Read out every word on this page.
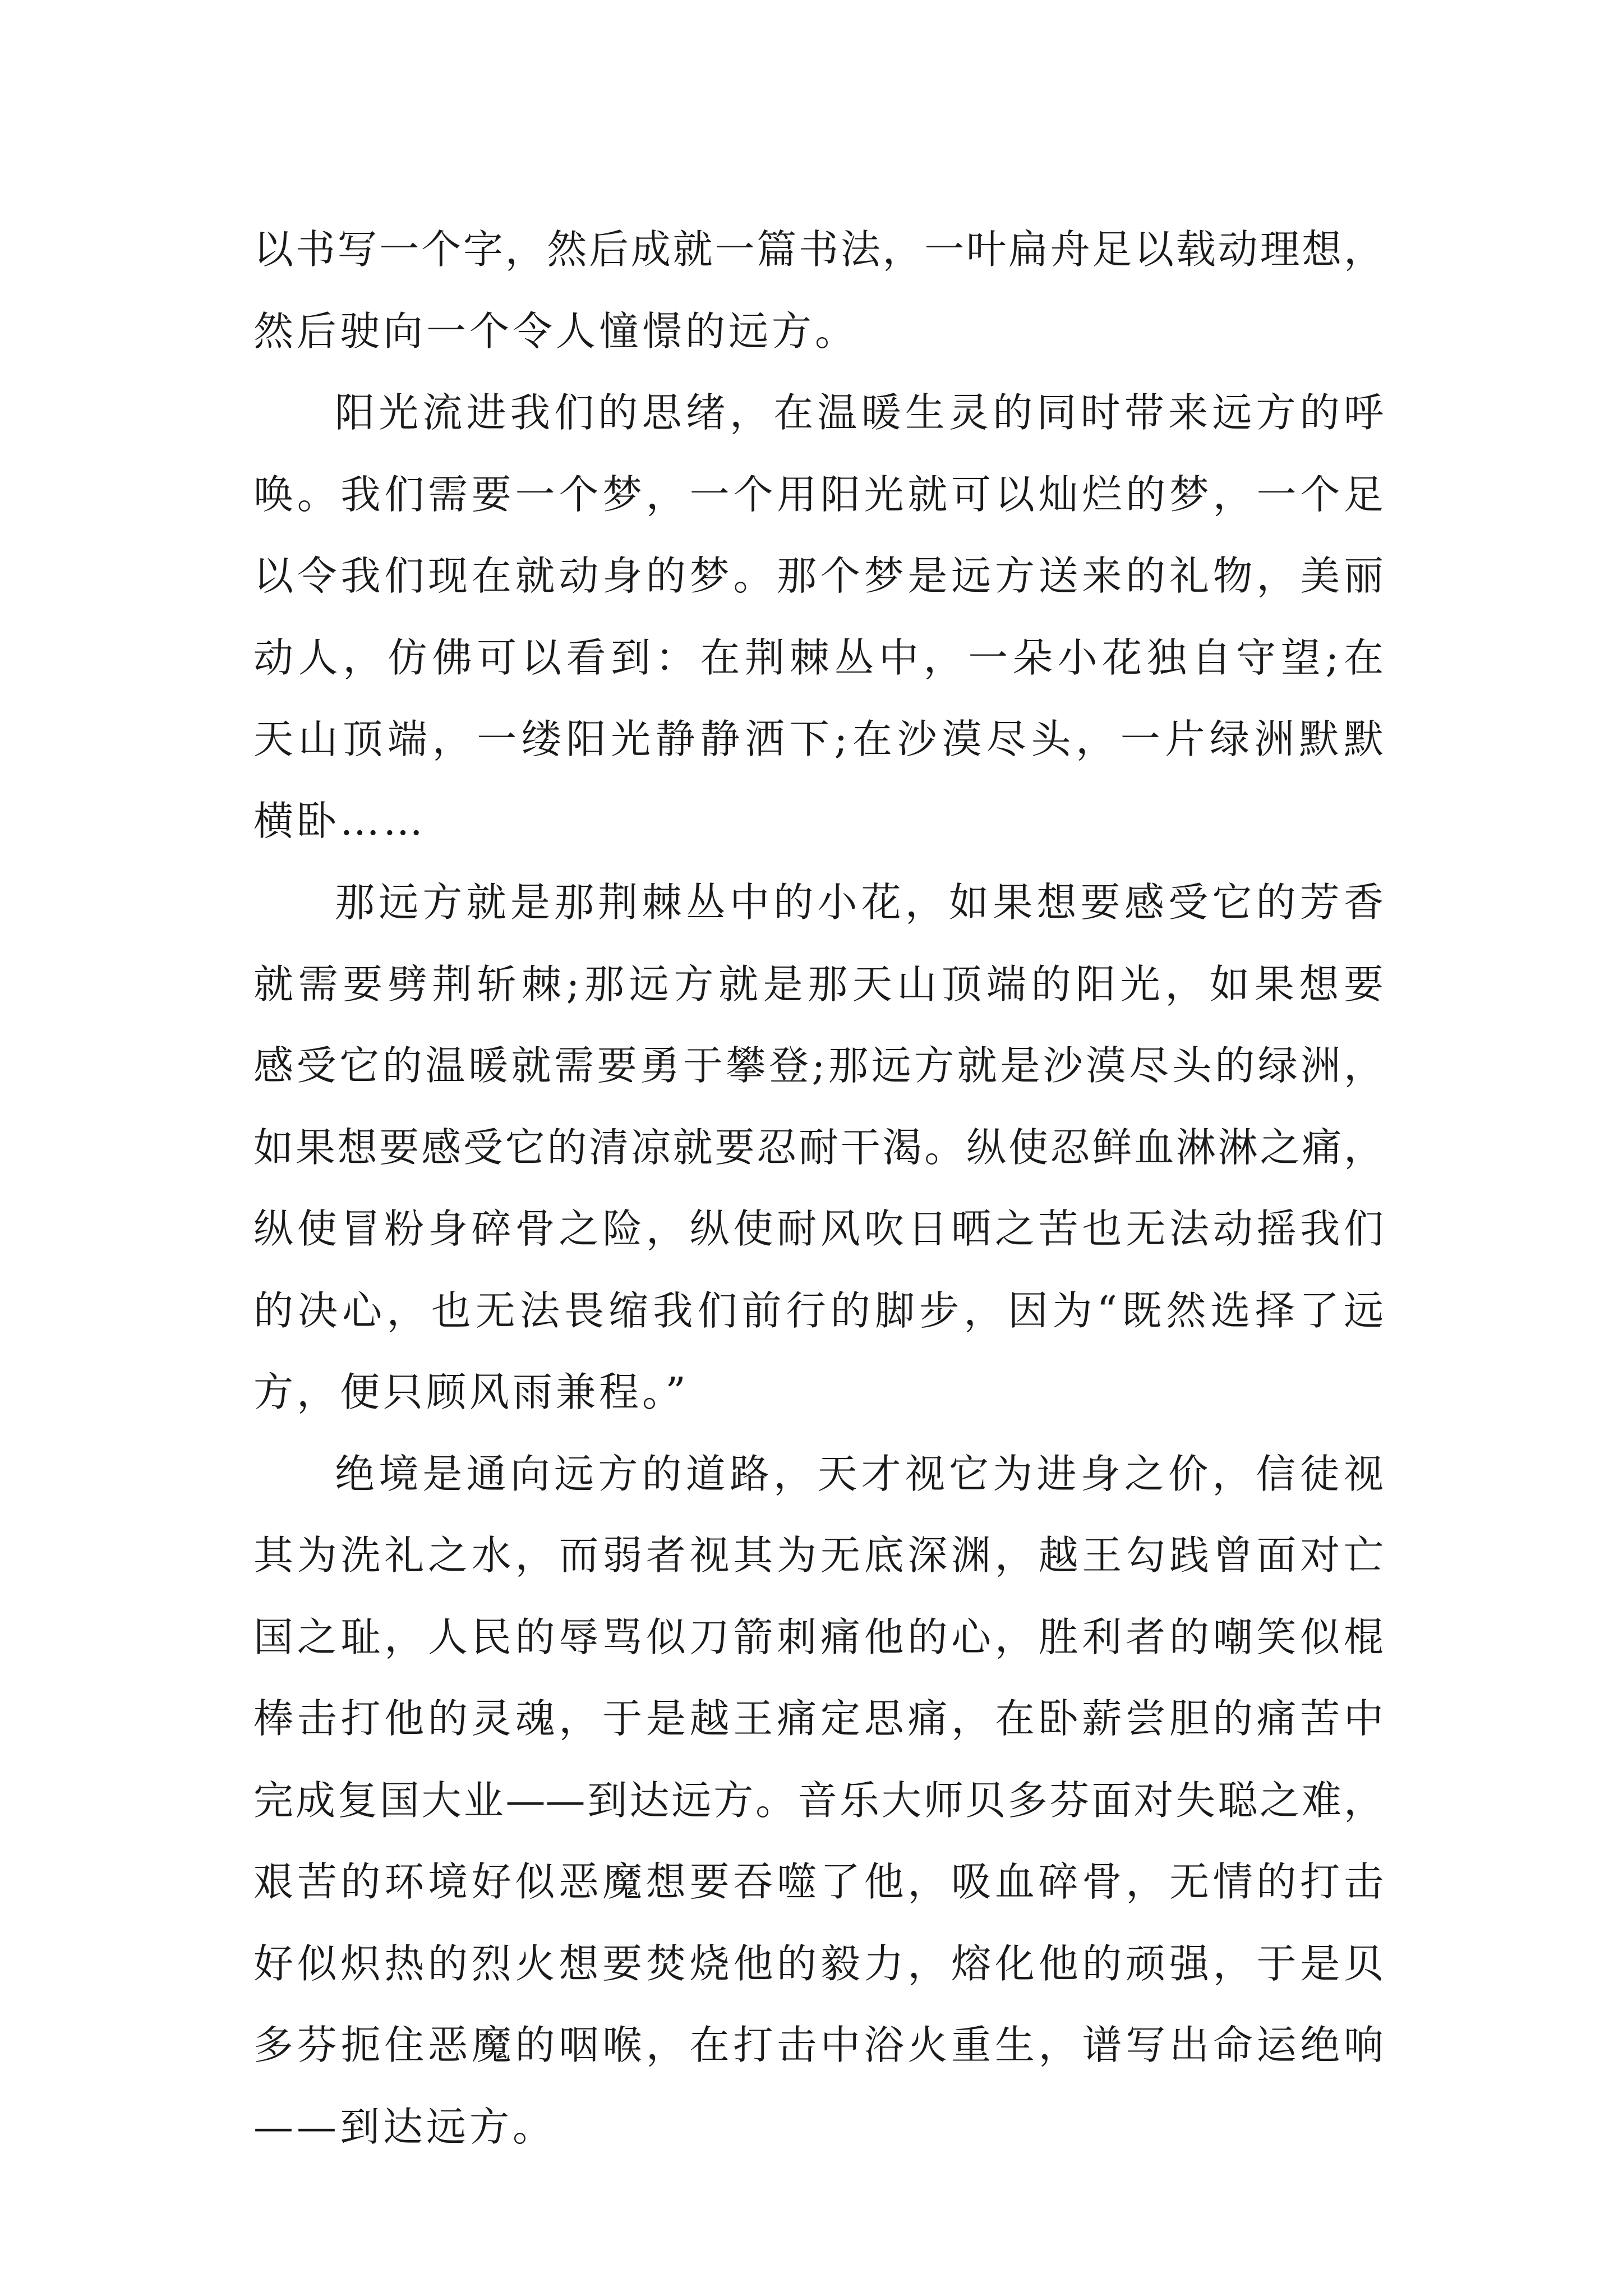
以书写一个字，然后成就一篇书法，一叶扁舟足以载动理想，
然后驶向一个令人憧憬的远方。
阳光流进我们的思绪，在温暖生灵的同时带来远方的呼
唤。我们需要一个梦，一个用阳光就可以灿烂的梦，一个足
以令我们现在就动身的梦。那个梦是远方送来的礼物，美丽
动人，仿佛可以看到：在荆棘丛中，一朵小花独自守望;在
天山顶端，一缕阳光静静洒下;在沙漠尽头，一片绿洲默默
横卧……
那远方就是那荆棘丛中的小花，如果想要感受它的芳香
就需要劈荆斩棘;那远方就是那天山顶端的阳光，如果想要
感受它的温暖就需要勇于攀登;那远方就是沙漠尽头的绿洲，
如果想要感受它的清凉就要忍耐干渴。纵使忍鲜血淋淋之痛，
纵使冒粉身碎骨之险，纵使耐风吹日晒之苦也无法动摇我们
的决心，也无法畏缩我们前行的脚步，因为“既然选择了远
方，便只顾风雨兼程。”
绝境是通向远方的道路，天才视它为进身之价，信徒视
其为洗礼之水，而弱者视其为无底深渊，越王勾践曾面对亡
国之耻，人民的辱骂似刀箭刺痛他的心，胜利者的嘲笑似棍
棒击打他的灵魂，于是越王痛定思痛，在卧薪尝胆的痛苦中
完成复国大业——到达远方。音乐大师贝多芬面对失聪之难，
艰苦的环境好似恶魔想要吞噬了他，吸血碎骨，无情的打击
好似炽热的烈火想要焚烧他的毅力，熔化他的顽强，于是贝
多芬扼住恶魔的咽喉，在打击中浴火重生，谱写出命运绝响
——到达远方。
